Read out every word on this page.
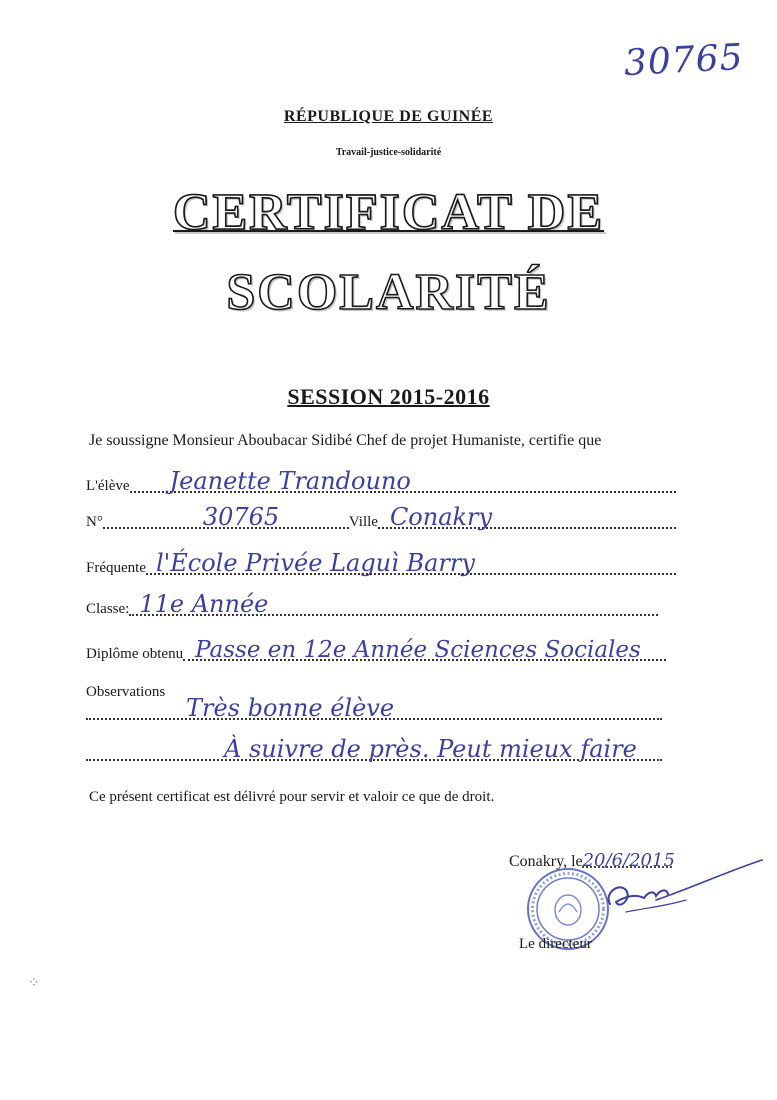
30765
RÉPUBLIQUE DE GUINÉE
Travail-justice-solidarité
CERTIFICAT DE
SCOLARITÉ
SESSION 2015-2016
Je soussigne Monsieur Aboubacar Sidibé Chef de projet Humaniste, certifie que
L'élève Jeanette Trandouno
N°	30765	Ville Conakry
Fréquente l'École Privée Laguì Barry
Classe: 11e Année
Diplôme obtenu Passe en 12e Année Sciences Sociales
Observations
Très bonne élève
À suivre de près. Peut mieux faire
Ce présent certificat est délivré pour servir et valoir ce que de droit.
Conakry, le20/6/2015
Le directeur
⁘
